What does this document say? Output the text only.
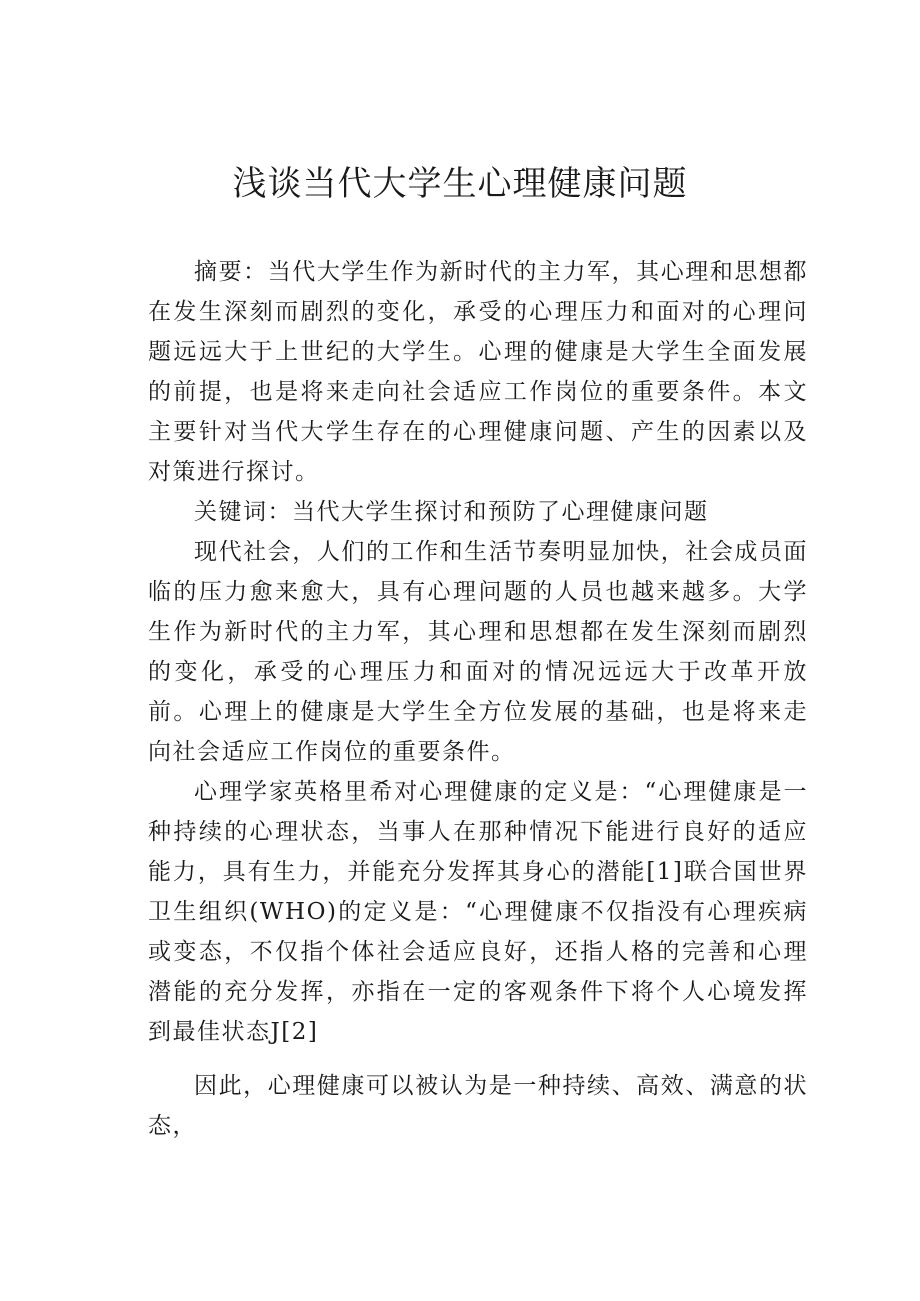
浅谈当代大学生心理健康问题

摘要：当代大学生作为新时代的主力军，其心理和思想都在发生深刻而剧烈的变化，承受的心理压力和面对的心理问题远远大于上世纪的大学生。心理的健康是大学生全面发展的前提，也是将来走向社会适应工作岗位的重要条件。本文主要针对当代大学生存在的心理健康问题、产生的因素以及对策进行探讨。

关键词：当代大学生探讨和预防了心理健康问题

现代社会，人们的工作和生活节奏明显加快，社会成员面临的压力愈来愈大，具有心理问题的人员也越来越多。大学生作为新时代的主力军，其心理和思想都在发生深刻而剧烈的变化，承受的心理压力和面对的情况远远大于改革开放前。心理上的健康是大学生全方位发展的基础，也是将来走向社会适应工作岗位的重要条件。

心理学家英格里希对心理健康的定义是：“心理健康是一种持续的心理状态，当事人在那种情况下能进行良好的适应能力，具有生力，并能充分发挥其身心的潜能[1]联合国世界卫生组织(WHO)的定义是：“心理健康不仅指没有心理疾病或变态，不仅指个体社会适应良好，还指人格的完善和心理潜能的充分发挥，亦指在一定的客观条件下将个人心境发挥到最佳状态J[2]

因此，心理健康可以被认为是一种持续、高效、满意的状态，
